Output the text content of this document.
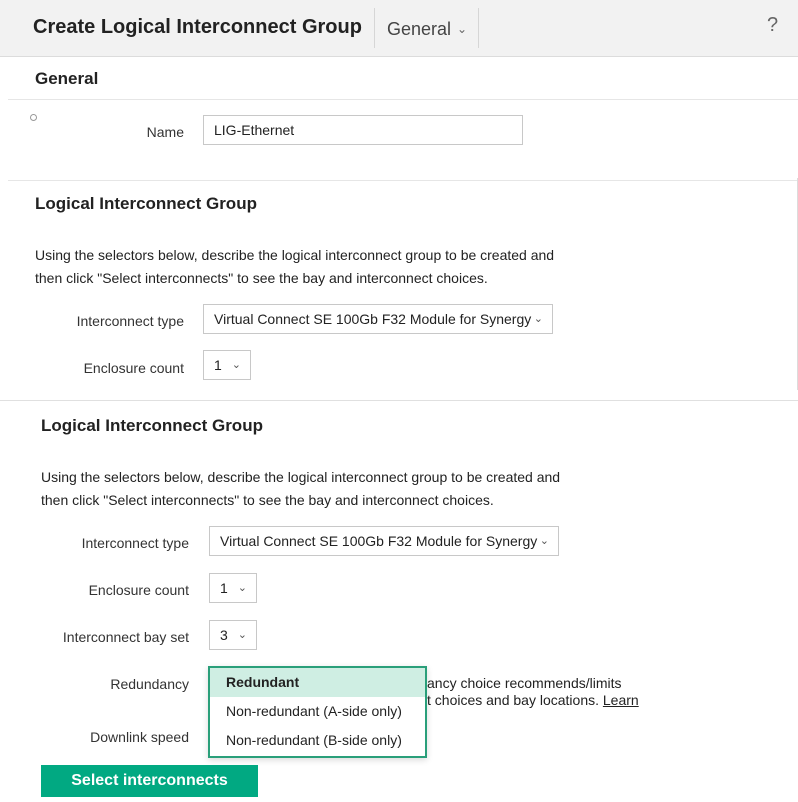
Create Logical Interconnect Group General ⌄	?
General
Name	LIG-Ethernet
Logical Interconnect Group
Using the selectors below, describe the logical interconnect group to be created and
then click "Select interconnects" to see the bay and interconnect choices.
Interconnect type	Virtual Connect SE 100Gb F32 Module for Synergy ⌄
Enclosure count	1 ⌄
Logical Interconnect Group
Using the selectors below, describe the logical interconnect group to be created and
then click "Select interconnects" to see the bay and interconnect choices.
Interconnect type	Virtual Connect SE 100Gb F32 Module for Synergy ⌄
Enclosure count	1 ⌄
Interconnect bay set	3 ⌄
Redundancy	ancy choice recommends/limits
t choices and bay locations. Learn
Downlink speed
Redundant
Non-redundant (A-side only)
Non-redundant (B-side only)
Select interconnects
